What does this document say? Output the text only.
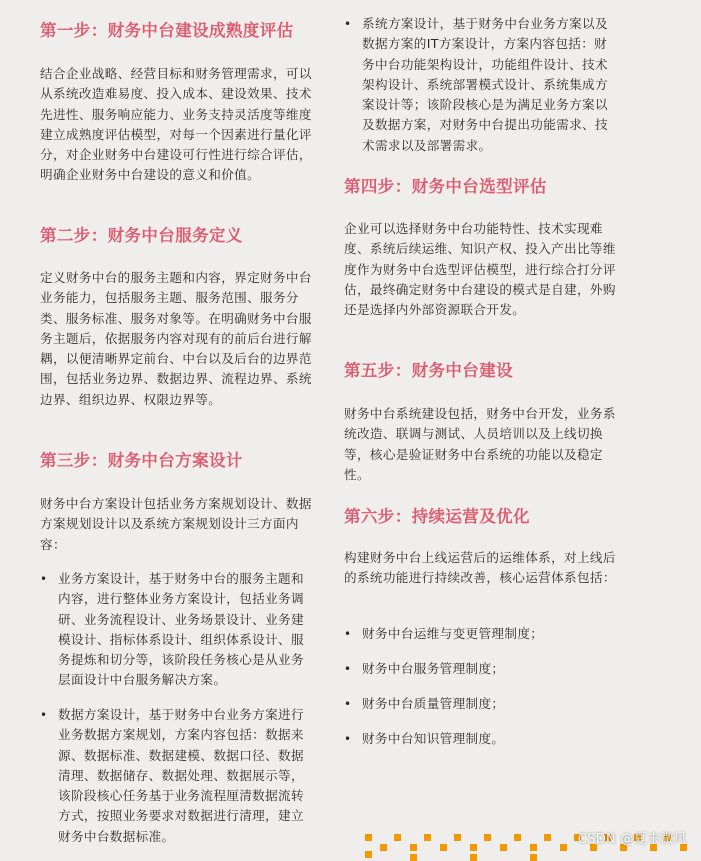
第一步：财务中台建设成熟度评估

结合企业战略、经营目标和财务管理需求，可以从系统改造难易度、投入成本、建设效果、技术先进性、服务响应能力、业务支持灵活度等维度建立成熟度评估模型，对每一个因素进行量化评分，对企业财务中台建设可行性进行综合评估，明确企业财务中台建设的意义和价值。

第二步：财务中台服务定义

定义财务中台的服务主题和内容，界定财务中台业务能力，包括服务主题、服务范围、服务分类、服务标准、服务对象等。在明确财务中台服务主题后，依据服务内容对现有的前后台进行解耦，以便清晰界定前台、中台以及后台的边界范围，包括业务边界、数据边界、流程边界、系统边界、组织边界、权限边界等。

第三步：财务中台方案设计

财务中台方案设计包括业务方案规划设计、数据方案规划设计以及系统方案规划设计三方面内容：

• 业务方案设计，基于财务中台的服务主题和内容，进行整体业务方案设计，包括业务调研、业务流程设计、业务场景设计、业务建模设计、指标体系设计、组织体系设计、服务提炼和切分等，该阶段任务核心是从业务层面设计中台服务解决方案。
• 数据方案设计，基于财务中台业务方案进行业务数据方案规划，方案内容包括：数据来源、数据标准、数据建模、数据口径、数据清理、数据储存、数据处理、数据展示等，该阶段核心任务基于业务流程厘清数据流转方式，按照业务要求对数据进行清理，建立财务中台数据标准。
• 系统方案设计，基于财务中台业务方案以及数据方案的IT方案设计，方案内容包括：财务中台功能架构设计，功能组件设计、技术架构设计、系统部署模式设计、系统集成方案设计等；该阶段核心是为满足业务方案以及数据方案，对财务中台提出功能需求、技术需求以及部署需求。
第四步：财务中台选型评估

企业可以选择财务中台功能特性、技术实现难度、系统后续运维、知识产权、投入产出比等维度作为财务中台选型评估模型，进行综合打分评估，最终确定财务中台建设的模式是自建，外购还是选择内外部资源联合开发。

第五步：财务中台建设

财务中台系统建设包括，财务中台开发，业务系统改造、联调与测试、人员培训以及上线切换等，核心是验证财务中台系统的功能以及稳定性。

第六步：持续运营及优化

构建财务中台上线运营后的运维体系，对上线后的系统功能进行持续改善，核心运营体系包括：

• 财务中台运维与变更管理制度；
• 财务中台服务管理制度；
• 财务中台质量管理制度；
• 财务中台知识管理制度。
CSDN @夏末微风
